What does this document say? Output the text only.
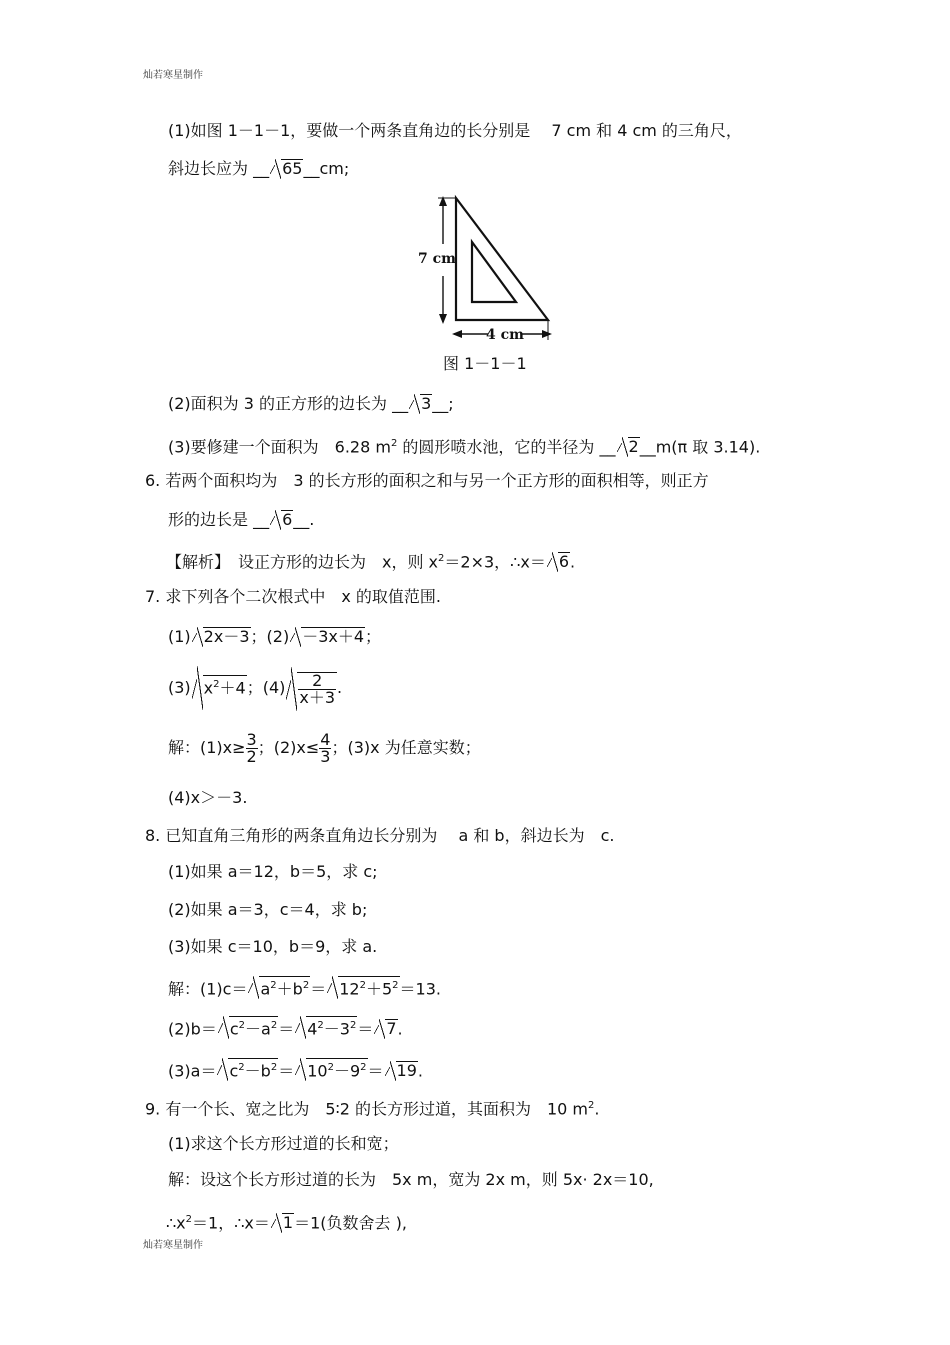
灿若寒星制作
(1)如图 1－1－1，要做一个两条直角边的长分别是　 7 cm 和 4 cm 的三角尺，
斜边长应为 __ 65__cm;
7 cm
4 cm
图 1－1－1
(2)面积为 3 的正方形的边长为 __ 3__;
(3)要修建一个面积为　6.28 $m^2$ 的圆形喷水池，它的半径为 __ 2__m(π 取 3.14).
6. 若两个面积均为　3 的长方形的面积之和与另一个正方形的面积相等，则正方
形的边长是 __ 6__.
【解析】　设正方形的边长为　x，则 $x^2=2\times 3$，∴x＝ 6.
7. 求下列各个二次根式中　x 的取值范围.
(1) 2x－3；(2) －3x＋4；
(3) $x^2+4$；$(4) \frac{2}{x+3}$ .
解：$(1)x\ge \frac{3}{2}$ ；$(2)x\le \frac{4}{3}$ ；(3)x 为任意实数；
(4)x＞－3.
8. 已知直角三角形的两条直角边长分别为　 a 和 b，斜边长为　c.
(1)如果 a＝12，b＝5，求 c;
(2)如果 a＝3，c＝4，求 b;
(3)如果 c＝10，b＝9，求 a.
解：$(1)c= a^2+b^2= 12^2+5^2=13$.
$(2)b= c^2-a^2= 4^2-3^2= 7$.
$(3)a= c^2-b^2= 10^2-9^2= 19$.
9. 有一个长、宽之比为　5∶2 的长方形过道，其面积为　10 $m^2$.
(1)求这个长方形过道的长和宽；
解：设这个长方形过道的长为　5x m，宽为 2x m，则 5x· 2x＝10,
$\therefore x^2=1$，∴x＝ 1＝1(负数舍去 ),
灿若寒星制作
